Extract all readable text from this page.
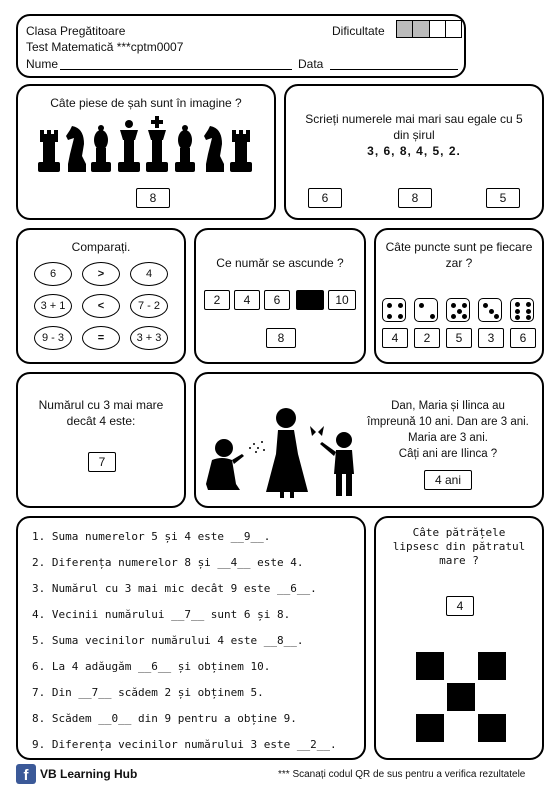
Clasa Pregătitoare
Test Matematică ***cptm0007
Nume	Data
Dificultate
Câte piese de șah sunt în imagine ?
8
Scrieți numerele mai mari sau egale cu 5
din șirul
3, 6, 8, 4, 5, 2.
6	8	5
Comparați.
6	>	4
3 + 1	<	7 - 2
9 - 3	=	3 + 3
Ce număr se ascunde ?
2	4	6	10
8
Câte puncte sunt pe fiecare
zar ?
4	2	5	3	6
Numărul cu 3 mai mare
decât 4 este:
7
Dan, Maria și Ilinca au
împreună 10 ani. Dan are 3 ani.
Maria are 3 ani.
Câți ani are Ilinca ?
4 ani
1. Suma numerelor 5 și 4 este __9__.
2. Diferența numerelor 8 și __4__ este 4.
3. Numărul cu 3 mai mic decât 9 este __6__.
4. Vecinii numărului __7__ sunt 6 și 8.
5. Suma vecinilor numărului 4 este __8__.
6. La 4 adăugăm __6__ și obținem 10.
7. Din __7__ scădem 2 și obținem 5.
8. Scădem __0__ din 9 pentru a obține 9.
9. Diferența vecinilor numărului 3 este __2__.
Câte pătrățele
lipsesc din pătratul
mare ?
4
f VB Learning Hub	*** Scanați codul QR de sus pentru a verifica rezultatele
